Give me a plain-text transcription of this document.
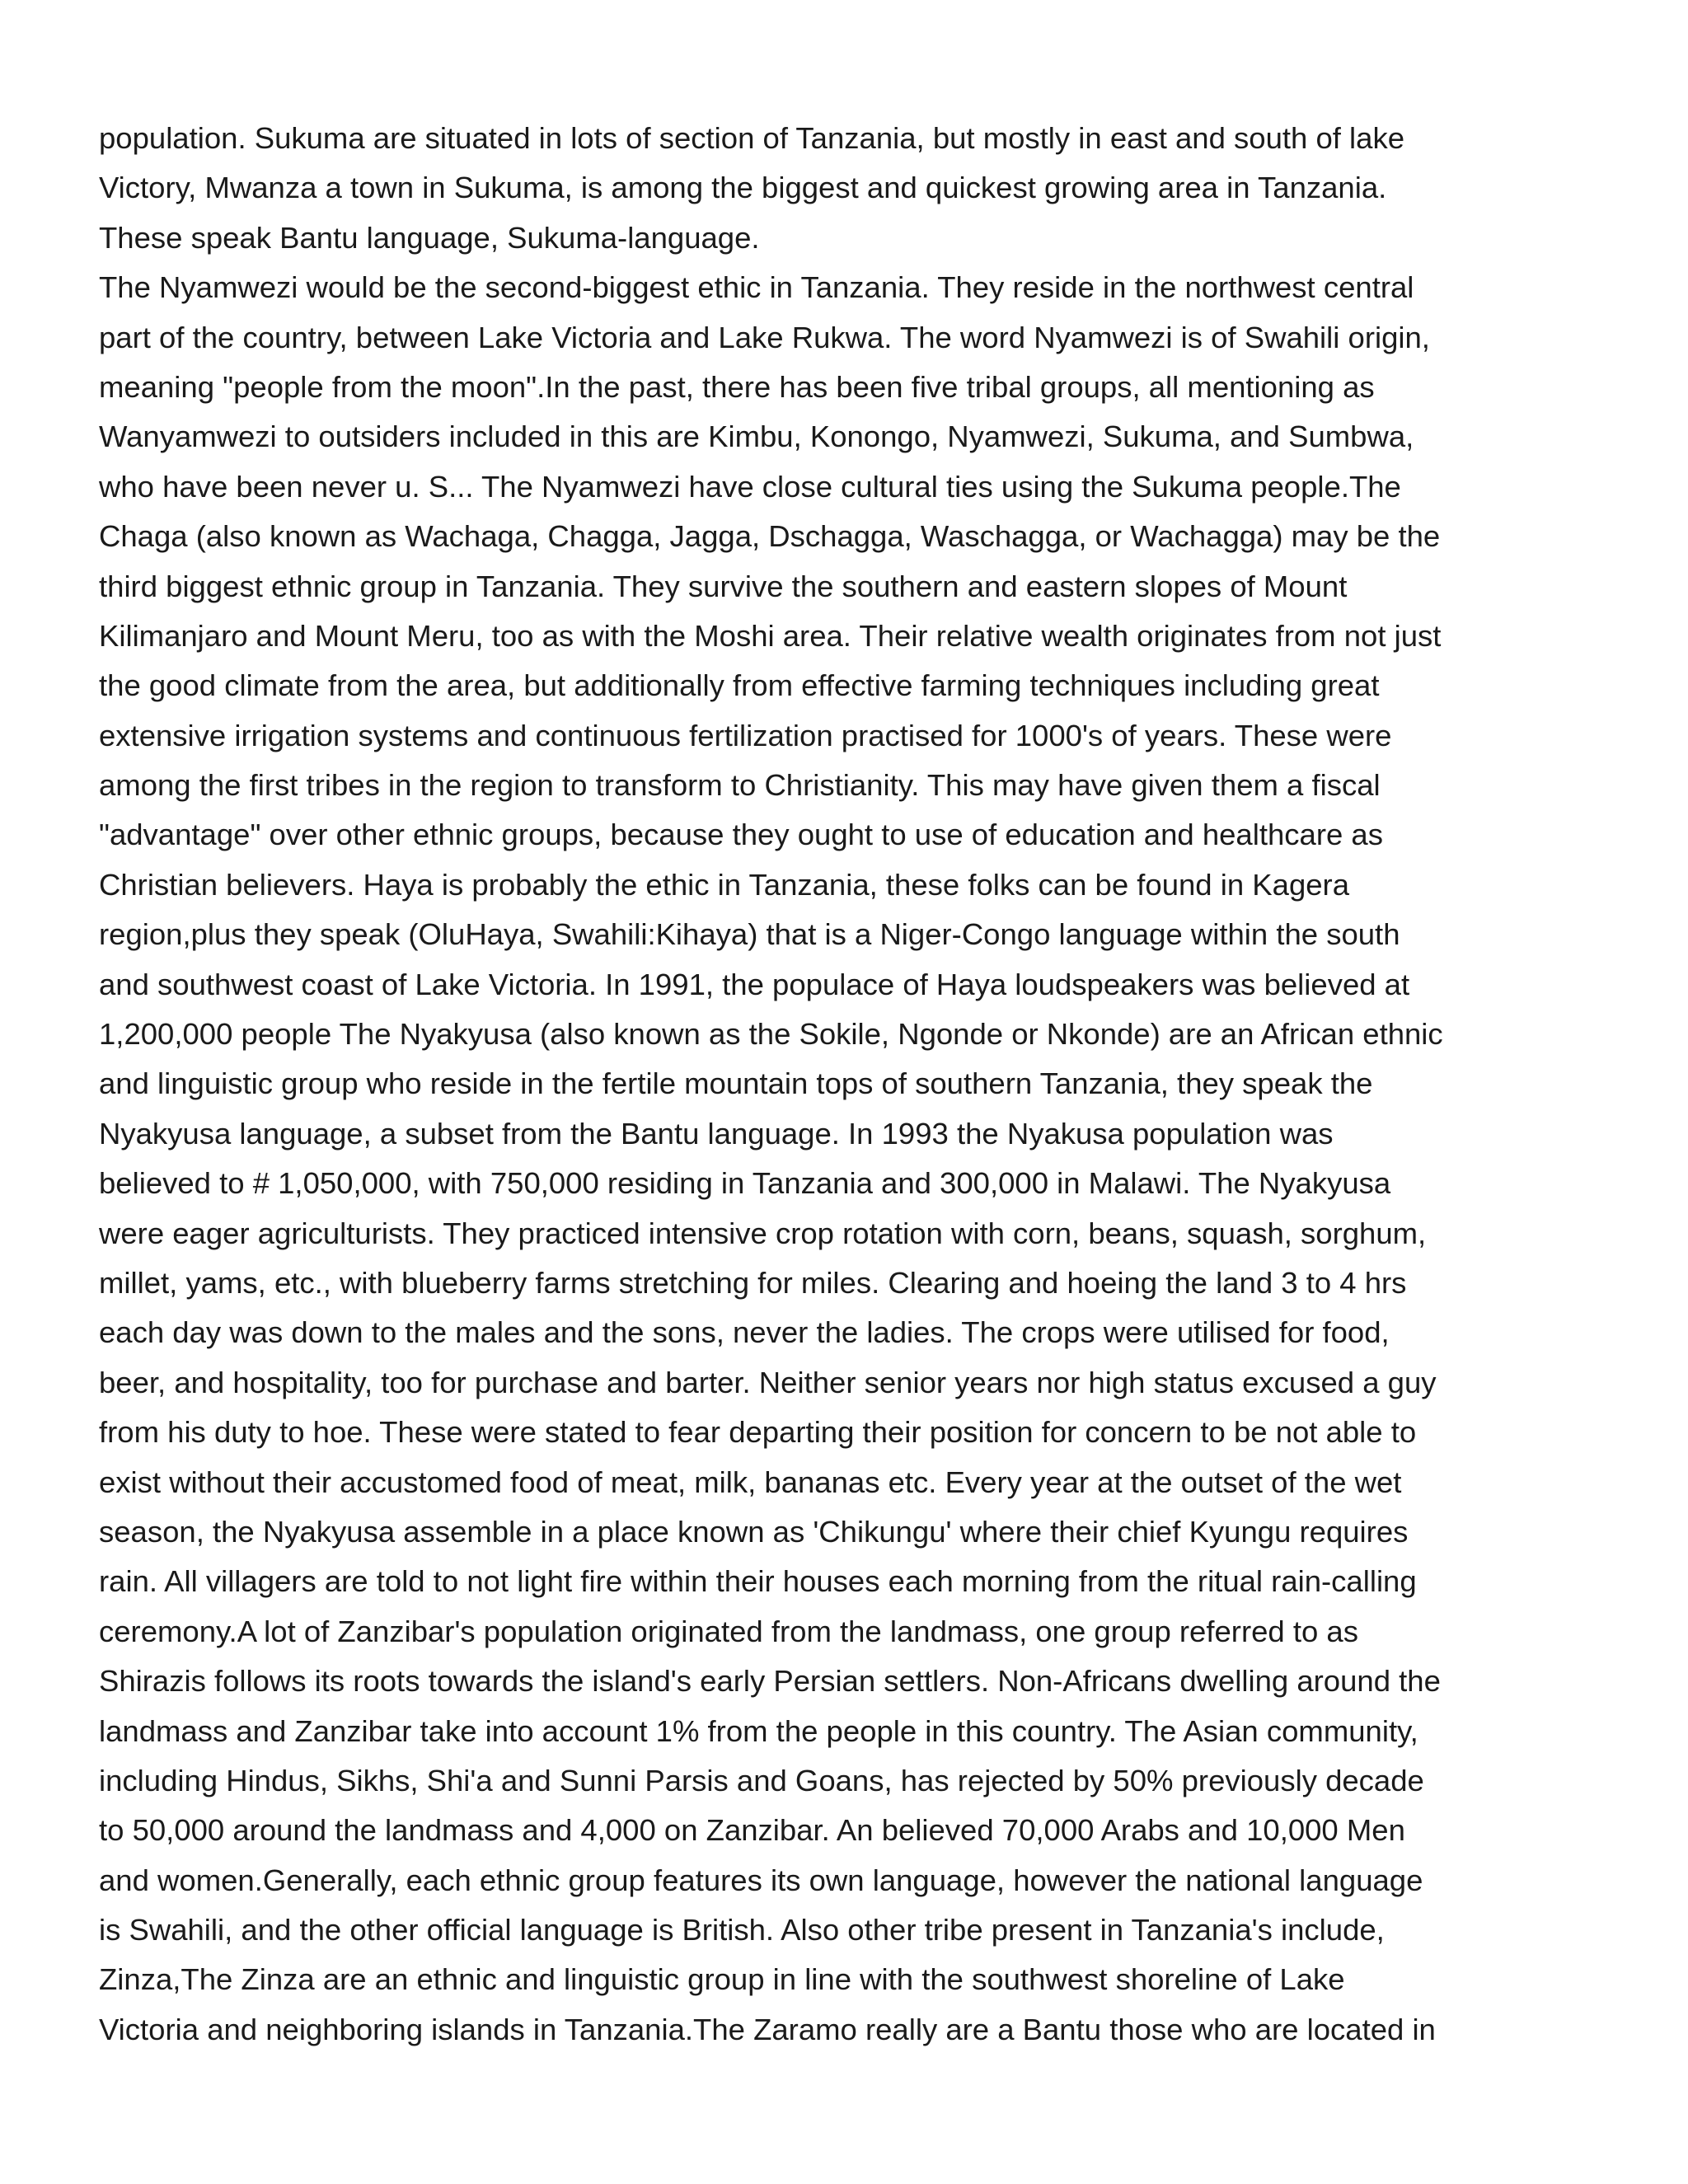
population. Sukuma are situated in lots of section of Tanzania, but mostly in east and south of lake
Victory, Mwanza a town in Sukuma, is among the biggest and quickest growing area in Tanzania.
These speak Bantu language, Sukuma-language.
The Nyamwezi would be the second-biggest ethic in Tanzania. They reside in the northwest central
part of the country, between Lake Victoria and Lake Rukwa. The word Nyamwezi is of Swahili origin,
meaning "people from the moon".In the past, there has been five tribal groups, all mentioning as
Wanyamwezi to outsiders included in this are Kimbu, Konongo, Nyamwezi, Sukuma, and Sumbwa,
who have been never u. S... The Nyamwezi have close cultural ties using the Sukuma people.The
Chaga (also known as Wachaga, Chagga, Jagga, Dschagga, Waschagga, or Wachagga) may be the
third biggest ethnic group in Tanzania. They survive the southern and eastern slopes of Mount
Kilimanjaro and Mount Meru, too as with the Moshi area. Their relative wealth originates from not just
the good climate from the area, but additionally from effective farming techniques including great
extensive irrigation systems and continuous fertilization practised for 1000's of years. These were
among the first tribes in the region to transform to Christianity. This may have given them a fiscal
"advantage" over other ethnic groups, because they ought to use of education and healthcare as
Christian believers. Haya is probably the ethic in Tanzania, these folks can be found in Kagera
region,plus they speak (OluHaya, Swahili:Kihaya) that is a Niger-Congo language within the south
and southwest coast of Lake Victoria. In 1991, the populace of Haya loudspeakers was believed at
1,200,000 people The Nyakyusa (also known as the Sokile, Ngonde or Nkonde) are an African ethnic
and linguistic group who reside in the fertile mountain tops of southern Tanzania, they speak the
Nyakyusa language, a subset from the Bantu language. In 1993 the Nyakusa population was
believed to # 1,050,000, with 750,000 residing in Tanzania and 300,000 in Malawi. The Nyakyusa
were eager agriculturists. They practiced intensive crop rotation with corn, beans, squash, sorghum,
millet, yams, etc., with blueberry farms stretching for miles. Clearing and hoeing the land 3 to 4 hrs
each day was down to the males and the sons, never the ladies. The crops were utilised for food,
beer, and hospitality, too for purchase and barter. Neither senior years nor high status excused a guy
from his duty to hoe. These were stated to fear departing their position for concern to be not able to
exist without their accustomed food of meat, milk, bananas etc. Every year at the outset of the wet
season, the Nyakyusa assemble in a place known as 'Chikungu' where their chief Kyungu requires
rain. All villagers are told to not light fire within their houses each morning from the ritual rain-calling
ceremony.A lot of Zanzibar's population originated from the landmass, one group referred to as
Shirazis follows its roots towards the island's early Persian settlers. Non-Africans dwelling around the
landmass and Zanzibar take into account 1% from the people in this country. The Asian community,
including Hindus, Sikhs, Shi'a and Sunni Parsis and Goans, has rejected by 50% previously decade
to 50,000 around the landmass and 4,000 on Zanzibar. An believed 70,000 Arabs and 10,000 Men
and women.Generally, each ethnic group features its own language, however the national language
is Swahili, and the other official language is British. Also other tribe present in Tanzania's include,
Zinza,The Zinza are an ethnic and linguistic group in line with the southwest shoreline of Lake
Victoria and neighboring islands in Tanzania.The Zaramo really are a Bantu those who are located in
